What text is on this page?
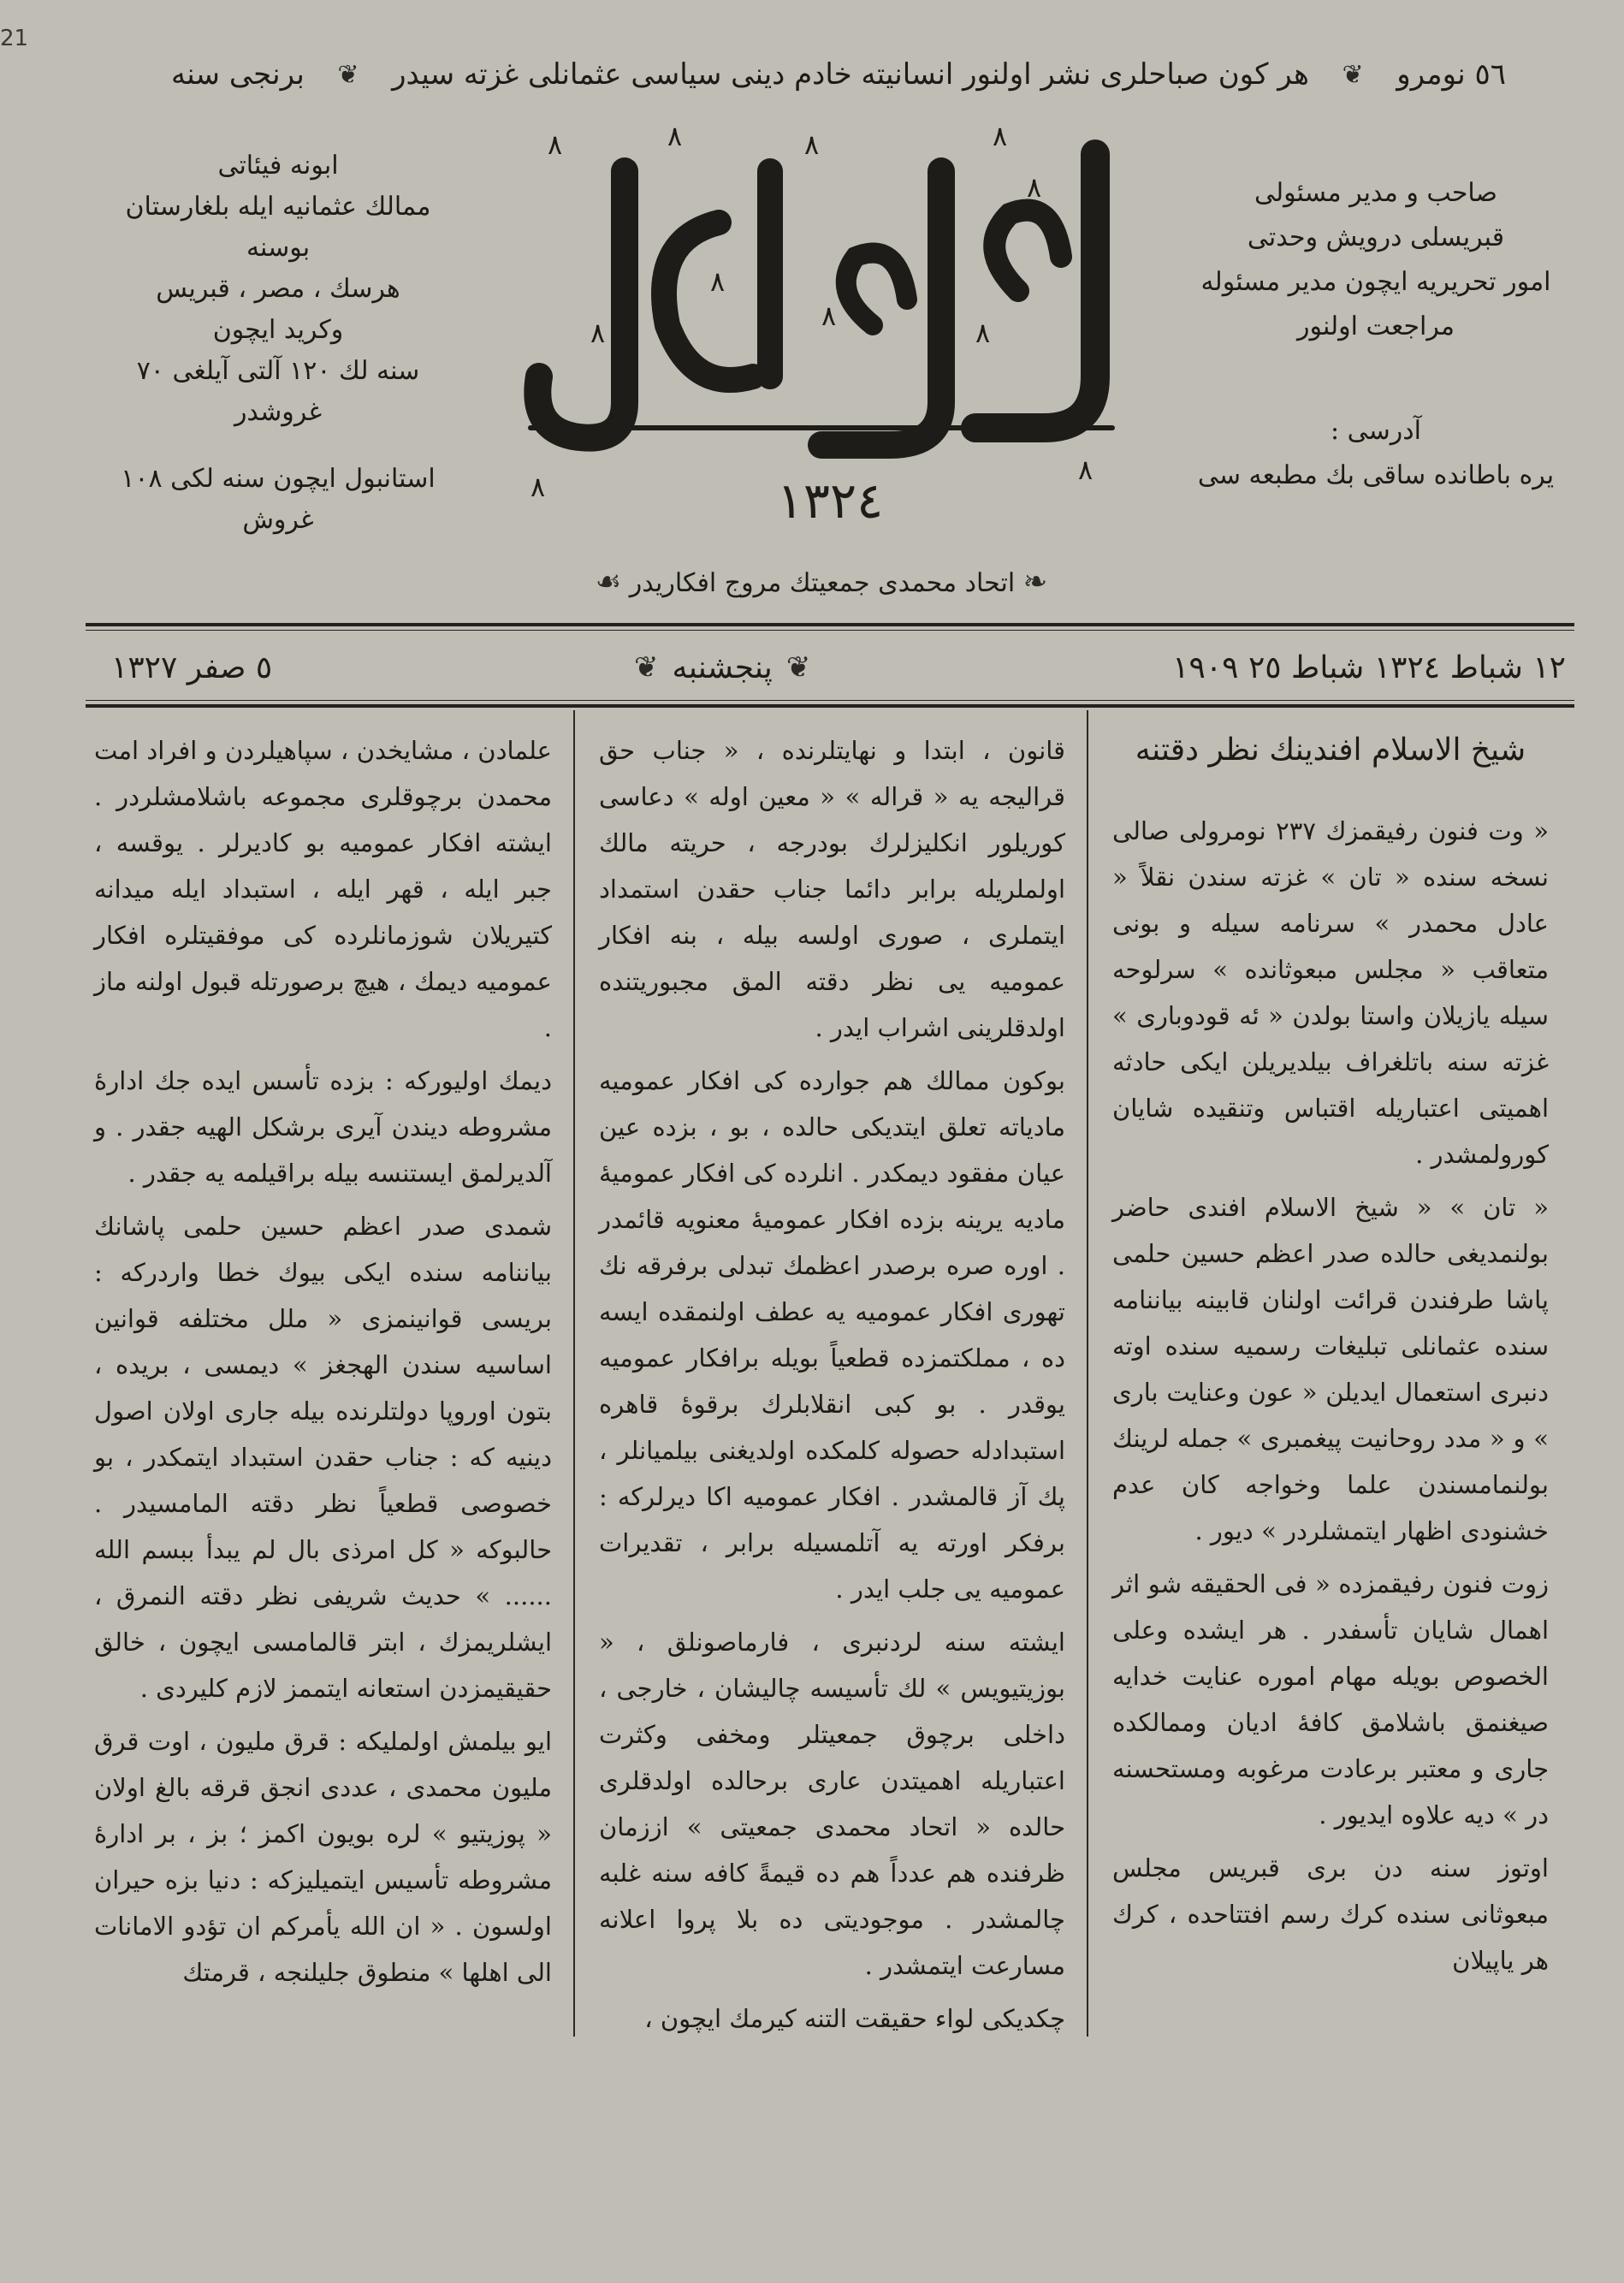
21
برنجی سنه ❦ هر كون صباحلری نشر اولنور انسانیته خادم دینی سیاسی عثمانلی غزته سیدر ❦ ٥٦ نومرو
ابونه فیئاتی
ممالك عثمانیه ایله بلغارستان بوسنه
هرسك ، مصر ، قبریس
وكرید ایچون
سنه لك ١٢٠ آلتی آیلغی ٧٠
غروشدر
استانبول ایچون سنه لكی ١٠٨
غروش
٨	٨	٨	٨
٨
٨
٨
٨
٨
٨
٨	١٣٢٤
صاحب و مدیر مسئولی
قبریسلی درویش وحدتی
امور تحریریه ایچون مدیر مسئوله
مراجعت اولنور
آدرسی :
یره باطانده ساقی بك مطبعه سی
❧ اتحاد محمدی جمعیتك مروج افكاریدر ☙
٥ صفر ١٣٢٧	❦
پنجشنبه
❦	١٢ شباط ١٣٢٤ شباط ٢٥ ١٩٠٩
شیخ الاسلام افندینك نظر دقتنه

« وت فنون رفیقمزك ٢٣٧ نومرولی صالی نسخه سنده « تان » غزته سندن نقلاً « عادل محمدر » سرنامه سیله و بونی متعاقب « مجلس مبعوثانده » سرلوحه سیله یازیلان واستا بولدن « ئه قودوباری » غزته سنه باتلغراف بیلدیریلن ایكی حادثه اهمیتی اعتباریله اقتباس وتنقیده شایان كورولمشدر .

« تان » « شیخ الاسلام افندی حاضر بولنمدیغی حالده صدر اعظم حسین حلمی پاشا طرفندن قرائت اولنان قابینه بیاننامه سنده عثمانلی تبلیغات رسمیه سنده اوته دنبری استعمال ایدیلن « عون وعنایت باری » و « مدد روحانیت پیغمبری » جمله لرینك بولنمامسندن علما وخواجه كان عدم خشنودی اظهار ایتمشلردر » دیور .

زوت فنون رفیقمزده « فی الحقیقه شو اثر اهمال شایان تأسفدر . هر ایشده وعلی الخصوص بویله مهام اموره عنایت خدایه صیغنمق باشلامق كافهٔ ادیان وممالكده جاری و معتبر برعادت مرغوبه ومستحسنه در » دیه علاوه ایدیور .

اوتوز سنه دن بری قبریس مجلس مبعوثانی سنده كرك رسم افتتاحده ، كرك هر یاپیلان

قانون ، ابتدا و نهایتلرنده ، « جناب حق قرالیجه یه « قراله » « معین اوله » دعاسی كوریلور انكلیزلرك بودرجه ، حریته مالك اولملریله برابر دائما جناب حقدن استمداد ایتملری ، صوری اولسه بیله ، بنه افكار عمومیه یی نظر دقته المق مجبوریتنده اولدقلرینی اشراب ایدر .

بوكون ممالك هم جوارده كی افكار عمومیه مادیاته تعلق ایتدیكی حالده ، بو ، بزده عین عیان مفقود دیمكدر . انلرده كی افكار عمومیهٔ مادیه یرینه بزده افكار عمومیهٔ معنویه قائمدر . اوره صره برصدر اعظمك تبدلی برفرقه نك تهوری افكار عمومیه یه عطف اولنمقده ایسه ده ، مملكتمزده قطعیاً بویله برافكار عمومیه یوقدر . بو كبی انقلابلرك برقوهٔ قاهره استبدادله حصوله كلمكده اولدیغنی بیلمیانلر ، پك آز قالمشدر . افكار عمومیه اكا دیرلركه : برفكر اورته یه آتلمسیله برابر ، تقدیرات عمومیه یی جلب ایدر .

ایشته سنه لردنبری ، فارماصونلق ، « بوزیتیویس » لك تأسیسه چالیشان ، خارجی ، داخلی برچوق جمعیتلر ومخفی وكثرت اعتباریله اهمیتدن عاری برحالده اولدقلری حالده « اتحاد محمدی جمعیتی » اززمان ظرفنده هم عدداً هم ده قیمةً كافه سنه غلبه چالمشدر . موجودیتی ده بلا پروا اعلانه مسارعت ایتمشدر .

چكدیكی لواء حقیقت التنه كیرمك ایچون ،

علمادن ، مشایخدن ، سپاهیلردن و افراد امت محمدن برچوقلری مجموعه باشلامشلردر . ایشته افكار عمومیه بو كادیرلر . یوقسه ، جبر ایله ، قهر ایله ، استبداد ایله میدانه كتیریلان شوزمانلرده كی موفقیتلره افكار عمومیه دیمك ، هیچ برصورتله قبول اولنه ماز .

دیمك اولیوركه : بزده تأسس ایده جك ادارهٔ مشروطه دیندن آیری برشكل الهیه جقدر . و آلدیرلمق ایستنسه بیله براقیلمه یه جقدر .

شمدی صدر اعظم حسین حلمی پاشانك بیاننامه سنده ایكی بیوك خطا واردركه : بریسی قوانینمزی « ملل مختلفه قوانین اساسیه سندن الهجغز » دیمسی ، بریده ، بتون اوروپا دولتلرنده بیله جاری اولان اصول دینیه كه : جناب حقدن استبداد ایتمكدر ، بو خصوصی قطعیاً نظر دقته المامسیدر . حالبوكه « كل امرذی بال لم یبدأ ببسم الله ...... » حدیث شریفی نظر دقته النمرق ، ایشلریمزك ، ابتر قالمامسی ایچون ، خالق حقیقیمزدن استعانه ایتممز لازم كلیردی .

ایو بیلمش اولملیكه : قرق ملیون ، اوت قرق ملیون محمدی ، عددی انجق قرقه بالغ اولان « پوزیتیو » لره بویون اكمز ؛ بز ، بر ادارهٔ مشروطه تأسیس ایتمیلیزكه : دنیا بزه حیران اولسون . « ان الله یأمركم ان تؤدو الامانات الی اهلها » منطوق جلیلنجه ، قرمتك
